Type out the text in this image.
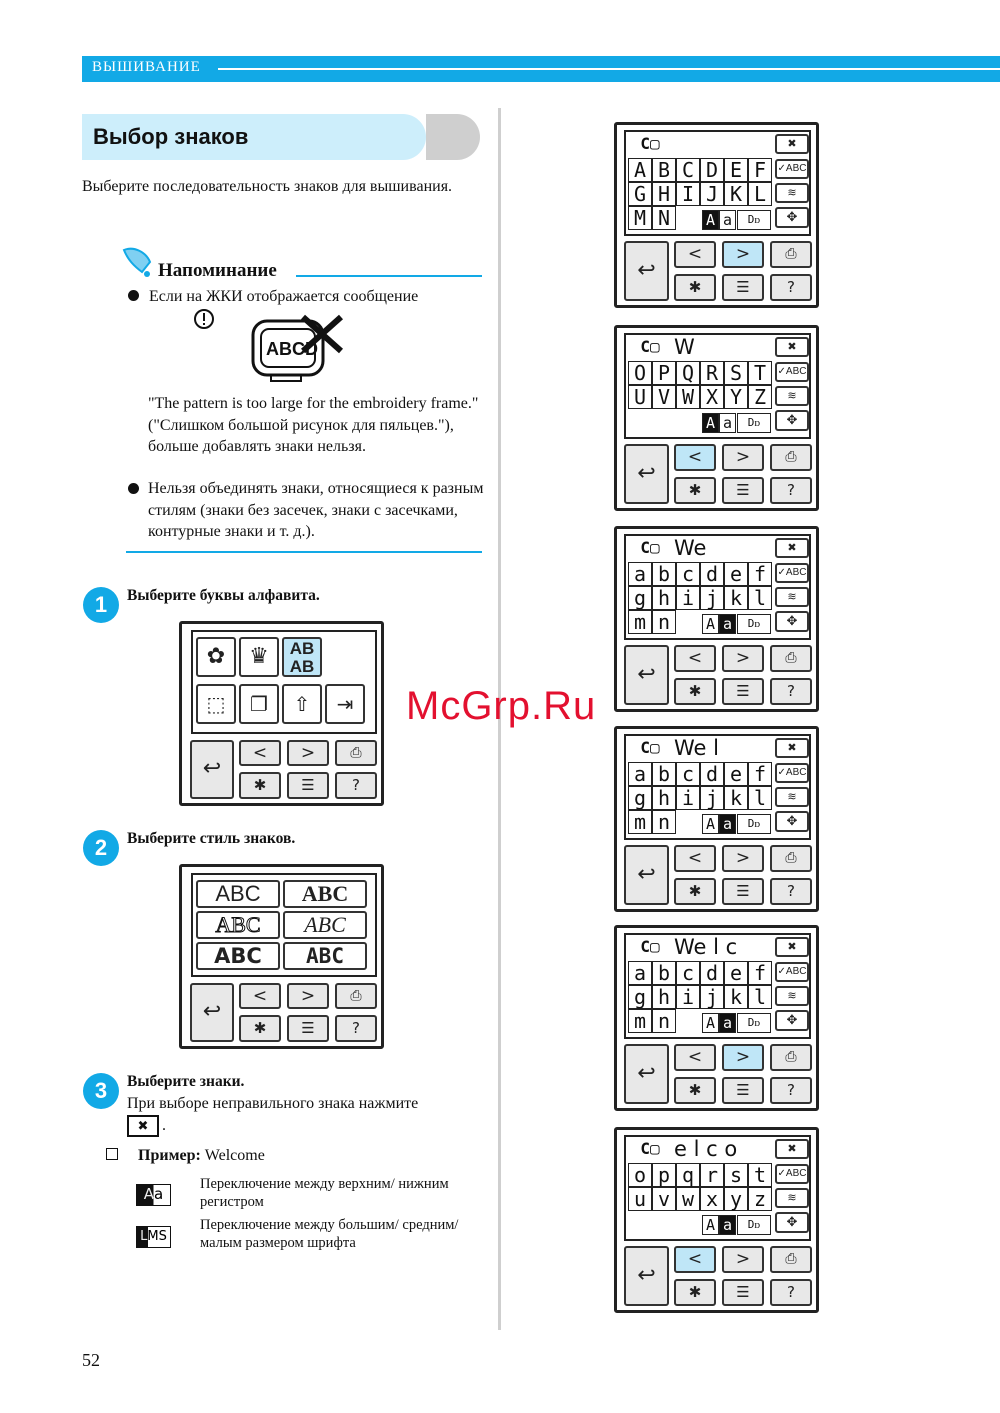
ВЫШИВАНИЕ
Выбор знаков
Выберите последовательность знаков для вышивания.
Напоминание
Если на ЖКИ отображается сообщение
ABCD
"The pattern is too large for the embroidery frame." ("Слишком большой рисунок для пяльцев."), больше добавлять знаки нельзя.
Нельзя объединять знаки, относящиеся к разным стилям (знаки без засечек, знаки с засечками, контурные знаки и т. д.).
1	Выберите буквы алфавита.
✿	♛	AB
AB
⬚	❐	⇧	⇥
↩
<	>	⎙
✱	☰	?
2	Выберите стиль знаков.
ABC	ABC
ABC	ABC
ABC	ABC
↩
<	>	⎙
✱	☰	?
3	Выберите знаки.
При выборе неправильного знака нажмите
✖ .
Пример: Welcome
Aa
Переключение между верхним/ нижним регистром
LMS
Переключение между большим/ средним/малым размером шрифта
C▢	✖
A B C D E F
G H I J K L
M N
✓ABC
≋
✥
A a	Dᴅ
↩
<	>	⎙
✱	☰	?
C▢ W	✖
O P Q R S T
U V W X Y Z
✓ABC
≋
✥
A a	Dᴅ
↩
<	>	⎙
✱	☰	?
C▢ We	✖
a b c d e f
g h i j k l
m n
✓ABC
≋
✥
A a	Dᴅ
↩
<	>	⎙
✱	☰	?
C▢ We l	✖
a b c d e f
g h i j k l
m n
✓ABC
≋
✥
A a	Dᴅ
↩
<	>	⎙
✱	☰	?
C▢ We l c	✖
a b c d e f
g h i j k l
m n
✓ABC
≋
✥
A a	Dᴅ
↩
<	>	⎙
✱	☰	?
C▢ e l c o	✖
o p q r s t
u v w x y z
✓ABC
≋
✥
A a	Dᴅ
↩
<	>	⎙
✱	☰	?
McGrp.Ru
52
